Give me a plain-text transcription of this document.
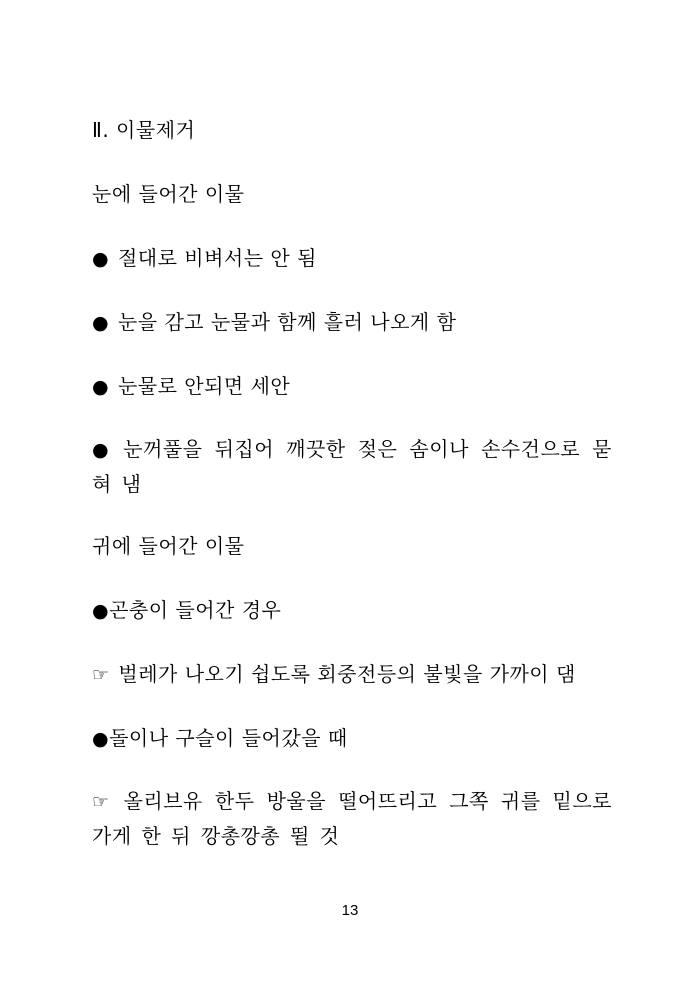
Ⅱ. 이물제거
눈에 들어간 이물
● 절대로 비벼서는 안 됨
● 눈을 감고 눈물과 함께 흘러 나오게 함
● 눈물로 안되면 세안
● 눈꺼풀을 뒤집어 깨끗한 젖은 솜이나 손수건으로 묻혀 냄
귀에 들어간 이물
●곤충이 들어간 경우
☞ 벌레가 나오기 쉽도록 회중전등의 불빛을 가까이 댐
●돌이나 구슬이 들어갔을 때
☞ 올리브유 한두 방울을 떨어뜨리고 그쪽 귀를 밑으로 가게 한 뒤 깡총깡총 뛸 것
13
